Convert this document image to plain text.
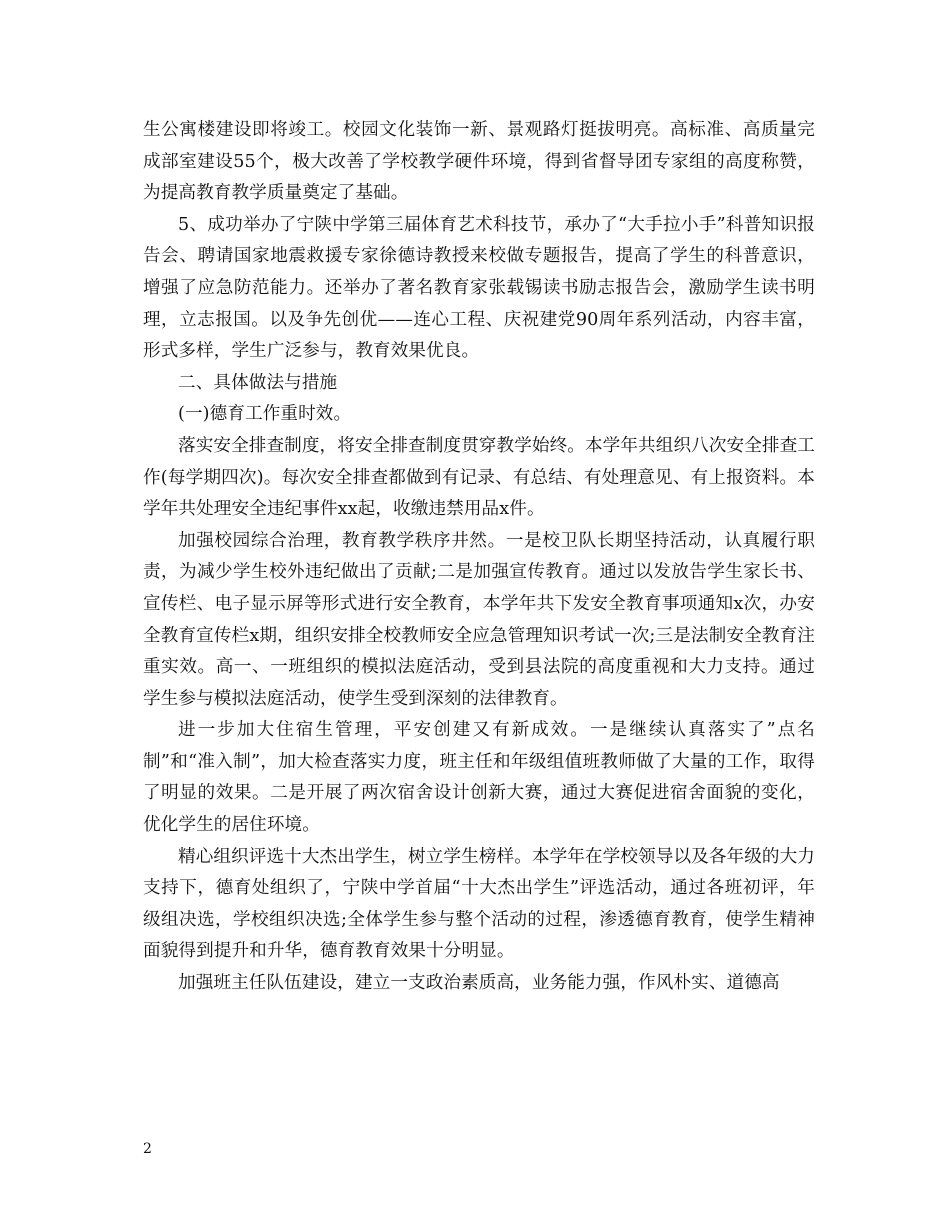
生公寓楼建设即将竣工。校园文化装饰一新、景观路灯挺拔明亮。高标准、高质量完成部室建设55个，极大改善了学校教学硬件环境，得到省督导团专家组的高度称赞，为提高教育教学质量奠定了基础。

5、成功举办了宁陕中学第三届体育艺术科技节，承办了“大手拉小手”科普知识报告会、聘请国家地震救援专家徐德诗教授来校做专题报告，提高了学生的科普意识，增强了应急防范能力。还举办了著名教育家张载锡读书励志报告会，激励学生读书明理，立志报国。以及争先创优——连心工程、庆祝建党90周年系列活动，内容丰富，形式多样，学生广泛参与，教育效果优良。

二、具体做法与措施

(一)德育工作重时效。

落实安全排查制度，将安全排查制度贯穿教学始终。本学年共组织八次安全排查工作(每学期四次)。每次安全排查都做到有记录、有总结、有处理意见、有上报资料。本学年共处理安全违纪事件xx起，收缴违禁用品x件。

加强校园综合治理，教育教学秩序井然。一是校卫队长期坚持活动，认真履行职责，为减少学生校外违纪做出了贡献;二是加强宣传教育。通过以发放告学生家长书、宣传栏、电子显示屏等形式进行安全教育，本学年共下发安全教育事项通知x次，办安全教育宣传栏x期，组织安排全校教师安全应急管理知识考试一次;三是法制安全教育注重实效。高一、一班组织的模拟法庭活动，受到县法院的高度重视和大力支持。通过学生参与模拟法庭活动，使学生受到深刻的法律教育。

进一步加大住宿生管理，平安创建又有新成效。一是继续认真落实了”点名制”和“准入制”，加大检查落实力度，班主任和年级组值班教师做了大量的工作，取得了明显的效果。二是开展了两次宿舍设计创新大赛，通过大赛促进宿舍面貌的变化，优化学生的居住环境。

精心组织评选十大杰出学生，树立学生榜样。本学年在学校领导以及各年级的大力支持下，德育处组织了，宁陕中学首届“十大杰出学生”评选活动，通过各班初评，年级组决选，学校组织决选;全体学生参与整个活动的过程，渗透德育教育，使学生精神面貌得到提升和升华，德育教育效果十分明显。

加强班主任队伍建设，建立一支政治素质高，业务能力强，作风朴实、道德高

2
